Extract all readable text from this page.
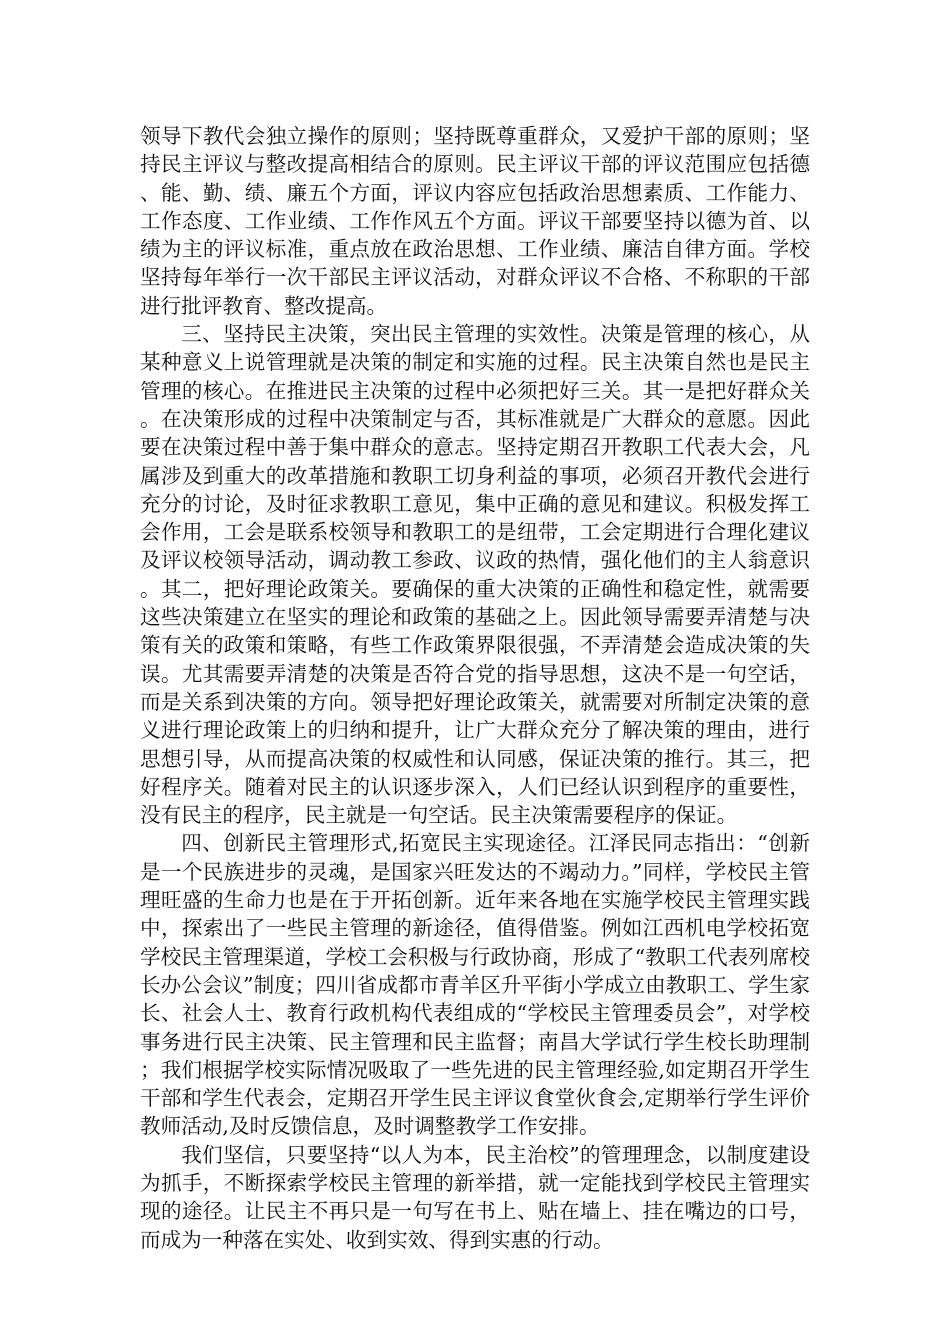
领导下教代会独立操作的原则；坚持既尊重群众，又爱护干部的原则；坚持民主评议与整改提高相结合的原则。民主评议干部的评议范围应包括德、能、勤、绩、廉五个方面，评议内容应包括政治思想素质、工作能力、工作态度、工作业绩、工作作风五个方面。评议干部要坚持以德为首、以绩为主的评议标准，重点放在政治思想、工作业绩、廉洁自律方面。学校坚持每年举行一次干部民主评议活动，对群众评议不合格、不称职的干部进行批评教育、整改提高。

三、坚持民主决策，突出民主管理的实效性。决策是管理的核心，从某种意义上说管理就是决策的制定和实施的过程。民主决策自然也是民主管理的核心。在推进民主决策的过程中必须把好三关。其一是把好群众关。在决策形成的过程中决策制定与否，其标准就是广大群众的意愿。因此要在决策过程中善于集中群众的意志。坚持定期召开教职工代表大会，凡属涉及到重大的改革措施和教职工切身利益的事项，必须召开教代会进行充分的讨论，及时征求教职工意见，集中正确的意见和建议。积极发挥工会作用，工会是联系校领导和教职工的是纽带，工会定期进行合理化建议及评议校领导活动，调动教工参政、议政的热情，强化他们的主人翁意识。其二，把好理论政策关。要确保的重大决策的正确性和稳定性，就需要这些决策建立在坚实的理论和政策的基础之上。因此领导需要弄清楚与决策有关的政策和策略，有些工作政策界限很强，不弄清楚会造成决策的失误。尤其需要弄清楚的决策是否符合党的指导思想，这决不是一句空话，而是关系到决策的方向。领导把好理论政策关，就需要对所制定决策的意义进行理论政策上的归纳和提升，让广大群众充分了解决策的理由，进行思想引导，从而提高决策的权威性和认同感，保证决策的推行。其三，把好程序关。随着对民主的认识逐步深入，人们已经认识到程序的重要性，没有民主的程序，民主就是一句空话。民主决策需要程序的保证。

四、创新民主管理形式,拓宽民主实现途径。江泽民同志指出：“创新是一个民族进步的灵魂，是国家兴旺发达的不竭动力。”同样，学校民主管理旺盛的生命力也是在于开拓创新。近年来各地在实施学校民主管理实践中，探索出了一些民主管理的新途径，值得借鉴。例如江西机电学校拓宽学校民主管理渠道，学校工会积极与行政协商，形成了“教职工代表列席校长办公会议”制度；四川省成都市青羊区升平街小学成立由教职工、学生家长、社会人士、教育行政机构代表组成的“学校民主管理委员会”，对学校事务进行民主决策、民主管理和民主监督；南昌大学试行学生校长助理制；我们根据学校实际情况吸取了一些先进的民主管理经验,如定期召开学生干部和学生代表会，定期召开学生民主评议食堂伙食会,定期举行学生评价教师活动,及时反馈信息，及时调整教学工作安排。

我们坚信，只要坚持“以人为本，民主治校”的管理理念，以制度建设为抓手，不断探索学校民主管理的新举措，就一定能找到学校民主管理实现的途径。让民主不再只是一句写在书上、贴在墙上、挂在嘴边的口号，而成为一种落在实处、收到实效、得到实惠的行动。
